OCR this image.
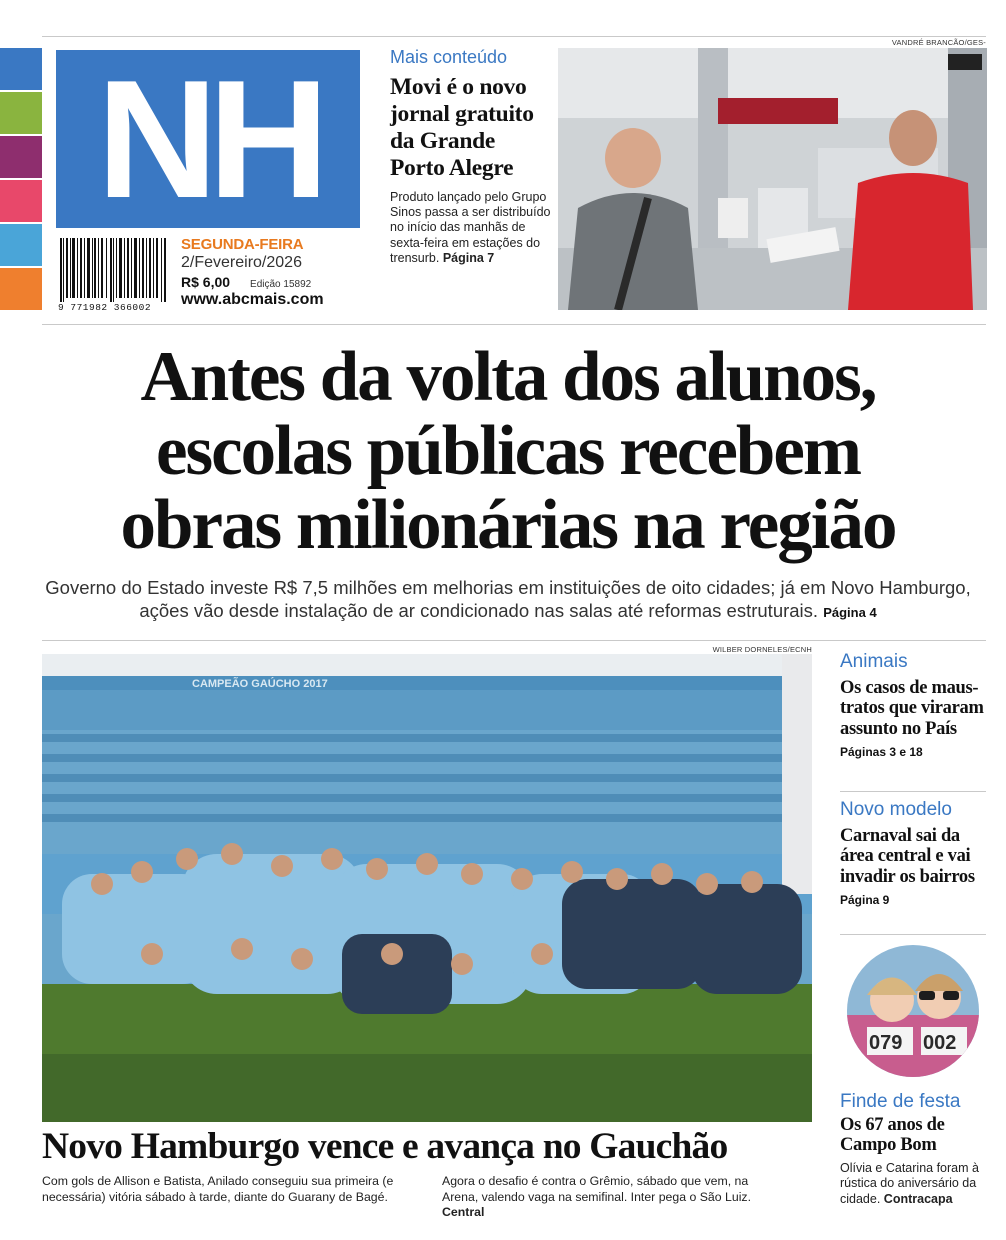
NH
9 771982 366002
SEGUNDA-FEIRA
2/Fevereiro/2026
R$ 6,00 Edição 15892
www.abcmais.com
Mais conteúdo
Movi é o novo jornal gratuito da Grande Porto Alegre
Produto lançado pelo Grupo Sinos passa a ser distribuído no início das manhãs de sexta-feira em estações do trensurb. Página 7
VANDRÉ BRANCÃO/GES-
Antes da volta dos alunos,
escolas públicas recebem
obras milionárias na região
Governo do Estado investe R$ 7,5 milhões em melhorias em instituições de oito cidades; já em Novo Hamburgo, ações vão desde instalação de ar condicionado nas salas até reformas estruturais. Página 4
WILBER DORNELES/ECNH
CAMPEÃO GAÚCHO 2017
Animais
Os casos de maus-tratos que viraram assunto no País
Páginas 3 e 18
Novo modelo
Carnaval sai da área central e vai invadir os bairros
Página 9
079 002
Finde de festa
Os 67 anos de Campo Bom
Olívia e Catarina foram à rústica do aniversário da cidade. Contracapa
Novo Hamburgo vence e avança no Gauchão
Com gols de Allison e Batista, Anilado conseguiu sua primeira (e necessária) vitória sábado à tarde, diante do Guarany de Bagé.
Agora o desafio é contra o Grêmio, sábado que vem, na Arena, valendo vaga na semifinal. Inter pega o São Luiz. Central
